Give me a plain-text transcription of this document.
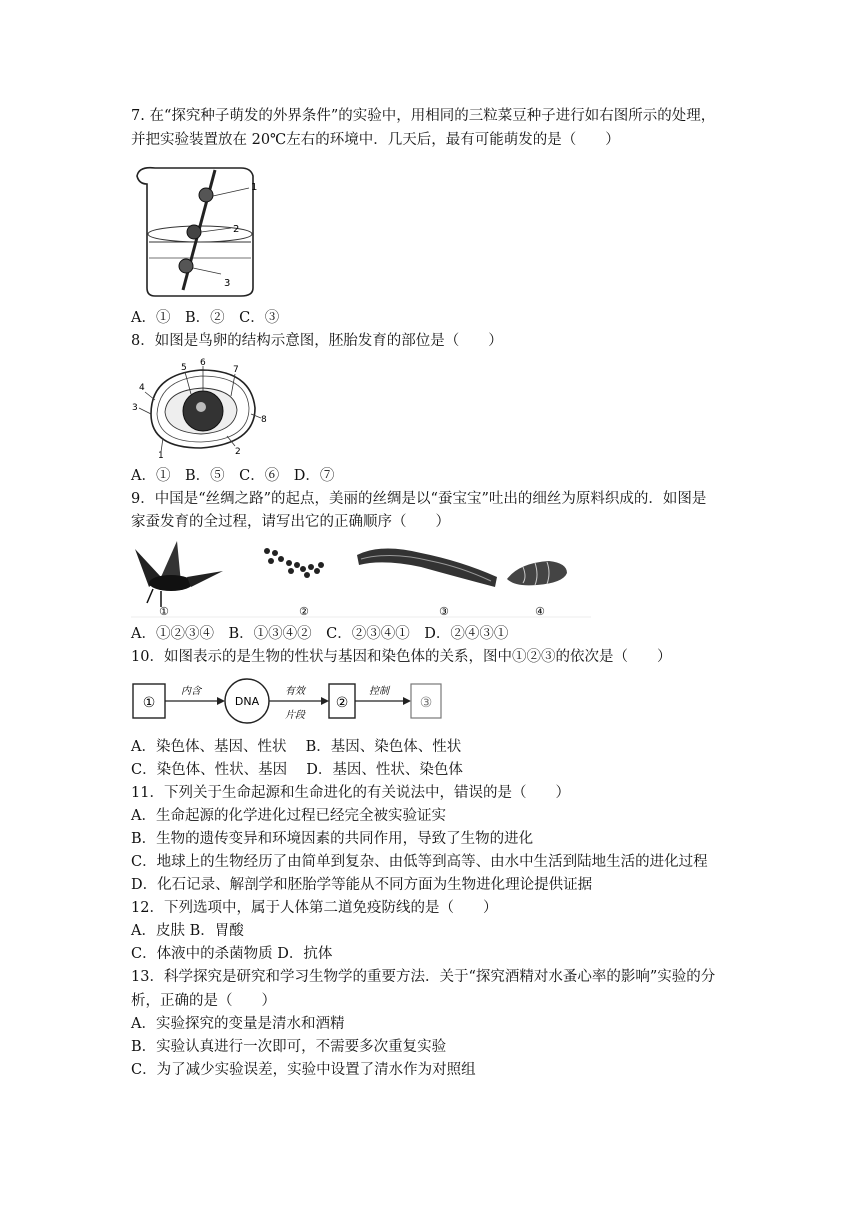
7. 在“探究种子萌发的外界条件”的实验中，用相同的三粒菜豆种子进行如右图所示的处理，
并把实验装置放在 20℃左右的环境中．几天后，最有可能萌发的是（　　）
1
2
3
A．①　B．②　C．③
8．如图是鸟卵的结构示意图，胚胎发育的部位是（　　）
1	2
3
4
5 6
7
8
A．①　B．⑤　C．⑥　D．⑦
9．中国是“丝绸之路”的起点，美丽的丝绸是以“蚕宝宝”吐出的细丝为原料织成的．如图是
家蚕发育的全过程，请写出它的正确顺序（　　）
①	②	③	④
A．①②③④　B．①③④②　C．②③④①　D．②④③①
10．如图表示的是生物的性状与基因和染色体的关系，图中①②③的依次是（　　）
①
内含
DNA
有效
片段
②
控制
③
A．染色体、基因、性状　 B．基因、染色体、性状
C．染色体、性状、基因　 D．基因、性状、染色体
11．下列关于生命起源和生命进化的有关说法中，错误的是（　　）
A．生命起源的化学进化过程已经完全被实验证实
B．生物的遗传变异和环境因素的共同作用，导致了生物的进化
C．地球上的生物经历了由简单到复杂、由低等到高等、由水中生活到陆地生活的进化过程
D．化石记录、解剖学和胚胎学等能从不同方面为生物进化理论提供证据
12．下列选项中，属于人体第二道免疫防线的是（　　）
A．皮肤 B．胃酸
C．体液中的杀菌物质 D．抗体
13．科学探究是研究和学习生物学的重要方法．关于“探究酒精对水蚤心率的影响”实验的分
析，正确的是（　　）
A．实验探究的变量是清水和酒精
B．实验认真进行一次即可，不需要多次重复实验
C．为了减少实验误差，实验中设置了清水作为对照组
